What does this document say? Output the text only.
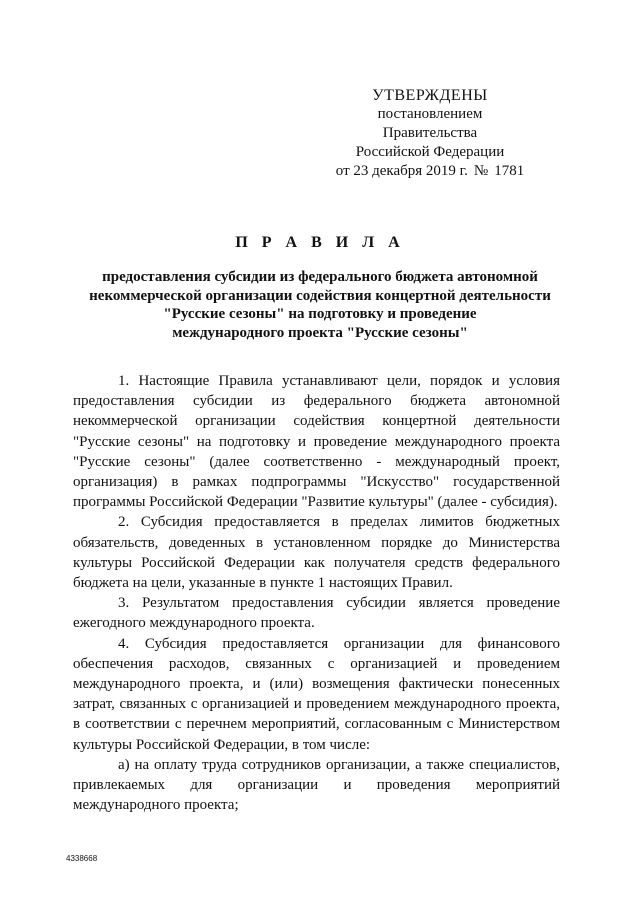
УТВЕРЖДЕНЫ
постановлением Правительства
Российской Федерации
от 23 декабря 2019 г. № 1781
П Р А В И Л А
предоставления субсидии из федерального бюджета автономной
некоммерческой организации содействия концертной деятельности
"Русские сезоны" на подготовку и проведение
международного проекта "Русские сезоны"

1. Настоящие Правила устанавливают цели, порядок и условия предоставления субсидии из федерального бюджета автономной некоммерческой организации содействия концертной деятельности "Русские сезоны" на подготовку и проведение международного проекта "Русские сезоны" (далее соответственно - международный проект, организация) в рамках подпрограммы "Искусство" государственной программы Российской Федерации "Развитие культуры" (далее - субсидия).

2. Субсидия предоставляется в пределах лимитов бюджетных обязательств, доведенных в установленном порядке до Министерства культуры Российской Федерации как получателя средств федерального бюджета на цели, указанные в пункте 1 настоящих Правил.

3. Результатом предоставления субсидии является проведение ежегодного международного проекта.

4. Субсидия предоставляется организации для финансового обеспечения расходов, связанных с организацией и проведением международного проекта, и (или) возмещения фактически понесенных затрат, связанных с организацией и проведением международного проекта, в соответствии с перечнем мероприятий, согласованным с Министерством культуры Российской Федерации, в том числе:

а) на оплату труда сотрудников организации, а также специалистов, привлекаемых для организации и проведения мероприятий международного проекта;

4338668
